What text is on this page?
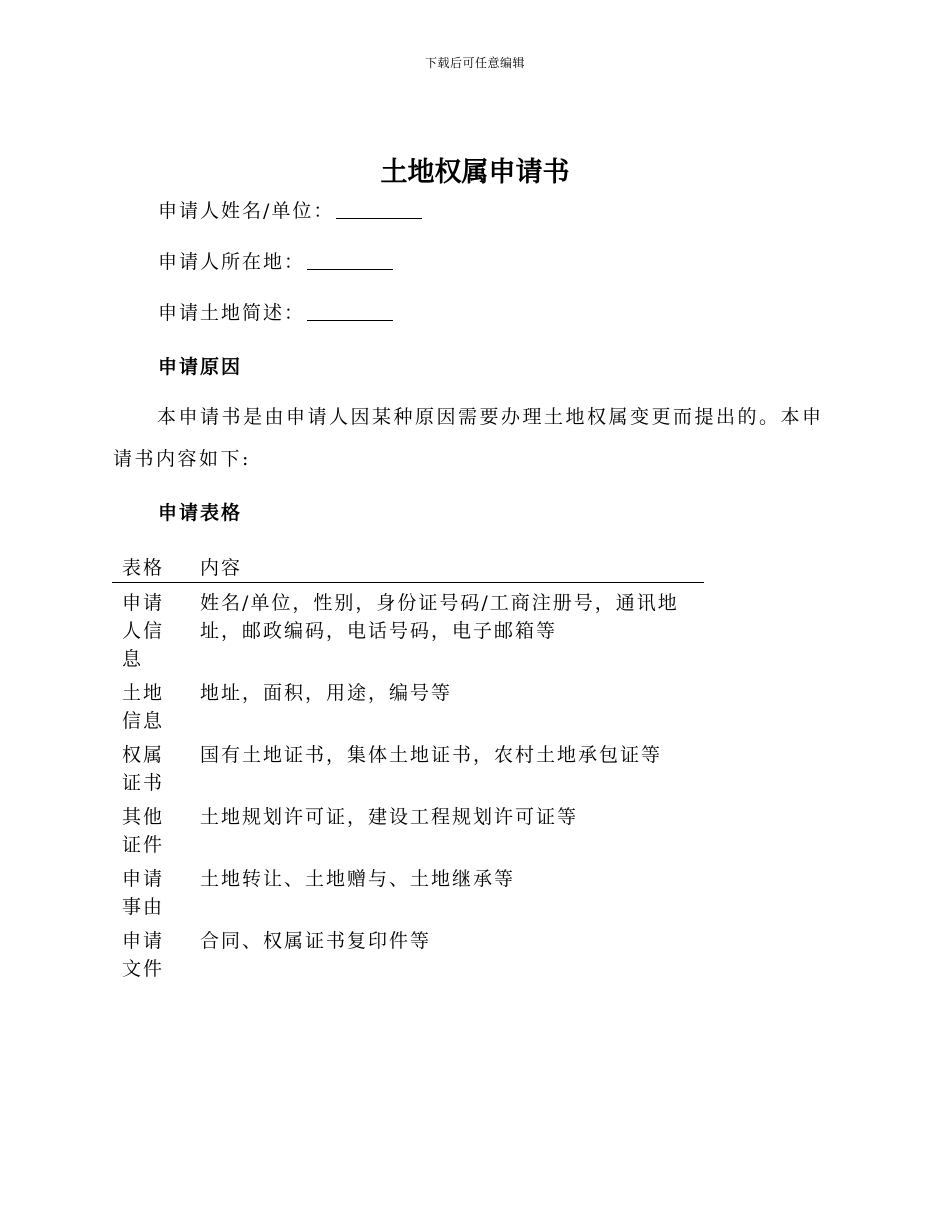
下载后可任意编辑
土地权属申请书
申请人姓名/单位：
申请人所在地：
申请土地简述：
申请原因
本申请书是由申请人因某种原因需要办理土地权属变更而提出的。本申请书内容如下:
申请表格
表格	内容
申请人信息
姓名/单位，性别，身份证号码/工商注册号，通讯地址，邮政编码，电话号码，电子邮箱等
土地信息
地址，面积，用途，编号等
权属证书
国有土地证书，集体土地证书，农村土地承包证等
其他证件
土地规划许可证，建设工程规划许可证等
申请事由
土地转让、土地赠与、土地继承等
申请文件
合同、权属证书复印件等
